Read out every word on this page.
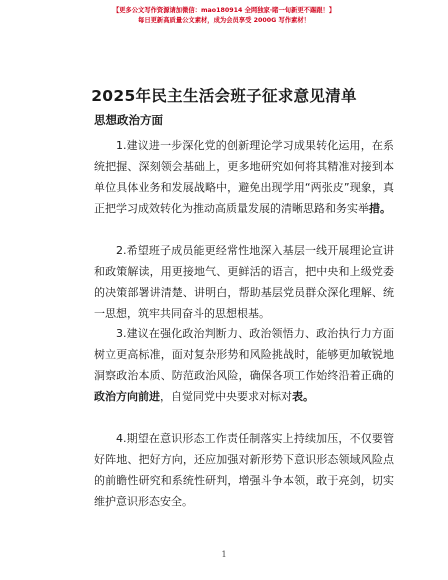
【更多公文写作资源请加微信：mao180914 全网独家·睹一旬新更不踢跟！】
每日更新高质量公文素材，成为会员享受 2000G 写作素材！
2025年民主生活会班子征求意见清单
思想政治方面
1.建议进一步深化党的创新理论学习成果转化运用，在系统把握、深刻领会基础上，更多地研究如何将其精准对接到本单位具体业务和发展战略中，避免出现学用“两张皮”现象，真正把学习成效转化为推动高质量发展的清晰思路和务实举措。
2.希望班子成员能更经常性地深入基层一线开展理论宣讲和政策解读，用更接地气、更鲜活的语言，把中央和上级党委的决策部署讲清楚、讲明白，帮助基层党员群众深化理解、统一思想，筑牢共同奋斗的思想根基。
3.建议在强化政治判断力、政治领悟力、政治执行力方面树立更高标准，面对复杂形势和风险挑战时，能够更加敏锐地洞察政治本质、防范政治风险，确保各项工作始终沿着正确的政治方向前进，自觉同党中央要求对标对表。
4.期望在意识形态工作责任制落实上持续加压，不仅要管好阵地、把好方向，还应加强对新形势下意识形态领域风险点的前瞻性研究和系统性研判，增强斗争本领，敢于亮剑，切实维护意识形态安全。
1
